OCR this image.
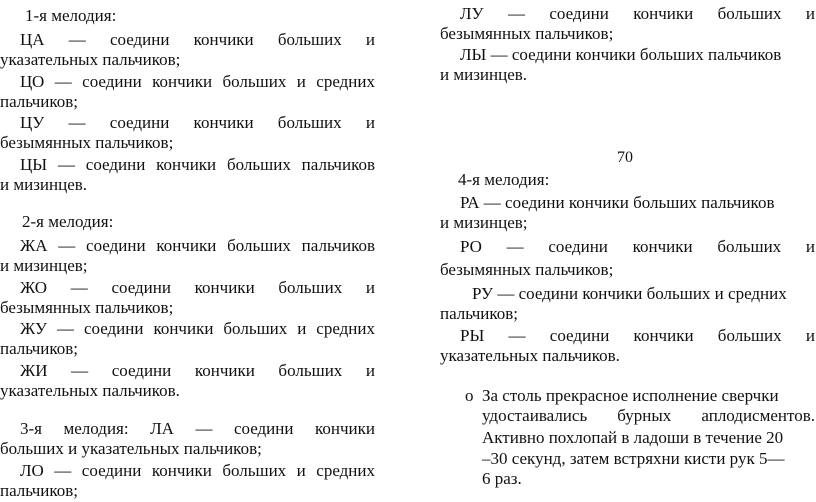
1-я мелодия:
ЦА — соедини кончики больших и
указательных пальчиков;
ЦО — соедини кончики больших и средних
пальчиков;
ЦУ — соедини кончики больших и
безымянных пальчиков;
ЦЫ — соедини кончики больших пальчиков
и мизинцев.
2-я мелодия:
ЖА — соедини кончики больших пальчиков
и мизинцев;
ЖО — соедини кончики больших и
безымянных пальчиков;
ЖУ — соедини кончики больших и средних
пальчиков;
ЖИ — соедини кончики больших и
указательных пальчиков.
3-я мелодия: ЛА — соедини кончики
больших и указательных пальчиков;
ЛО — соедини кончики больших и средних
пальчиков;
ЛУ — соедини кончики больших и
безымянных пальчиков;
ЛЫ — соедини кончики больших пальчиков
и мизинцев.
70
4-я мелодия:
РА — соедини кончики больших пальчиков
и мизинцев;
РО — соедини кончики больших и
безымянных пальчиков;
РУ — соедини кончики больших и средних
пальчиков;
РЫ — соедини кончики больших и
указательных пальчиков.
o За столь прекрасное исполнение сверчки
удостаивались бурных аплодисментов.
Активно похлопай в ладоши в течение 20
–30 секунд, затем встряхни кисти рук 5—
6 раз.
